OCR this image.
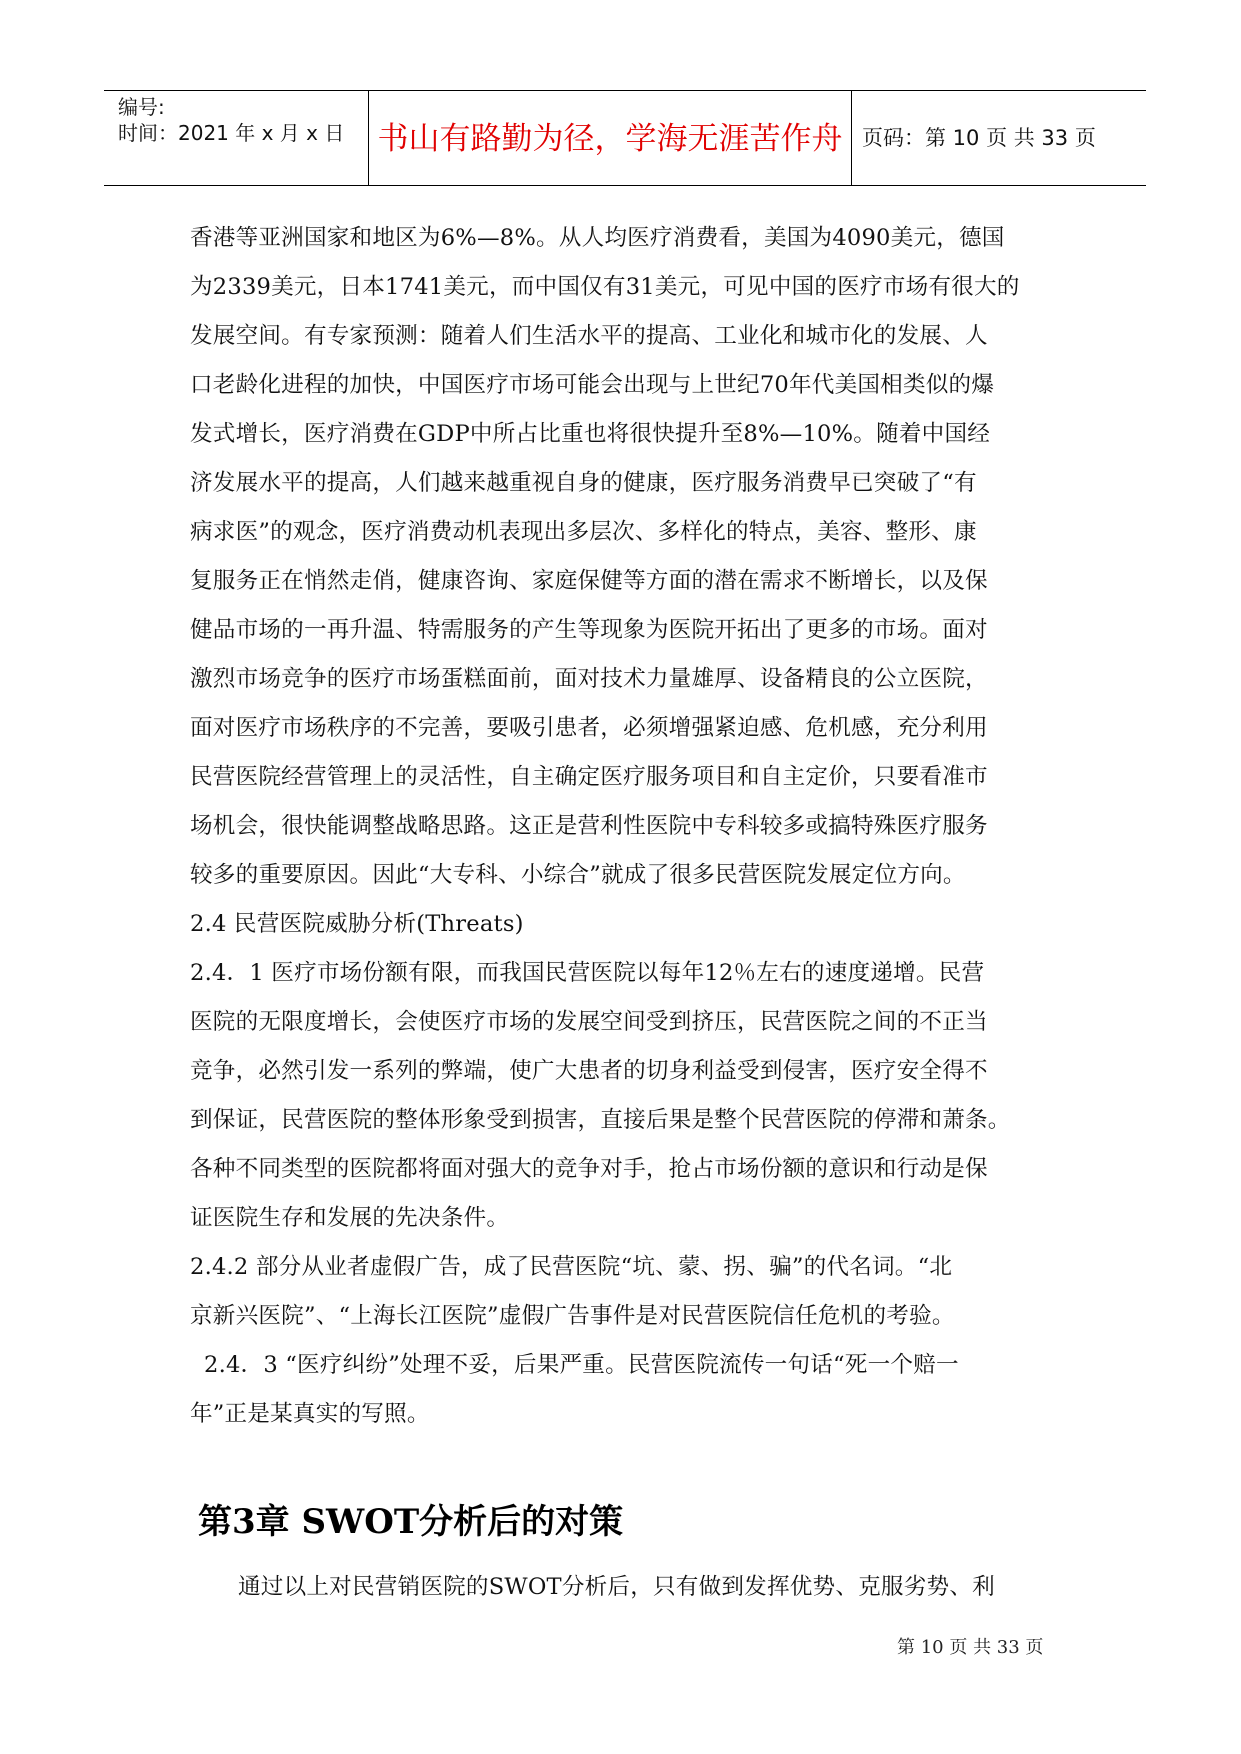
编号:
时间：2021 年 x 月 x 日 书山有路勤为径，学海无涯苦作舟 页码：第 10 页 共 33 页
香港等亚洲国家和地区为6%—8%。从人均医疗消费看，美国为4090美元，德国
为2339美元，日本1741美元，而中国仅有31美元，可见中国的医疗市场有很大的
发展空间。有专家预测：随着人们生活水平的提高、工业化和城市化的发展、人
口老龄化进程的加快，中国医疗市场可能会出现与上世纪70年代美国相类似的爆
发式增长，医疗消费在GDP中所占比重也将很快提升至8%—10%。随着中国经
济发展水平的提高，人们越来越重视自身的健康，医疗服务消费早已突破了“有
病求医”的观念，医疗消费动机表现出多层次、多样化的特点，美容、整形、康
复服务正在悄然走俏，健康咨询、家庭保健等方面的潜在需求不断增长，以及保
健品市场的一再升温、特需服务的产生等现象为医院开拓出了更多的市场。面对
激烈市场竞争的医疗市场蛋糕面前，面对技术力量雄厚、设备精良的公立医院，
面对医疗市场秩序的不完善，要吸引患者，必须增强紧迫感、危机感，充分利用
民营医院经营管理上的灵活性，自主确定医疗服务项目和自主定价，只要看准市
场机会，很快能调整战略思路。这正是营利性医院中专科较多或搞特殊医疗服务
较多的重要原因。因此“大专科、小综合”就成了很多民营医院发展定位方向。
2.4 民营医院威胁分析(Threats)
2.4．1 医疗市场份额有限，而我国民营医院以每年12％左右的速度递增。民营
医院的无限度增长，会使医疗市场的发展空间受到挤压，民营医院之间的不正当
竞争，必然引发一系列的弊端，使广大患者的切身利益受到侵害，医疗安全得不
到保证，民营医院的整体形象受到损害，直接后果是整个民营医院的停滞和萧条。
各种不同类型的医院都将面对强大的竞争对手，抢占市场份额的意识和行动是保
证医院生存和发展的先决条件。
2.4.2 部分从业者虚假广告，成了民营医院“坑、蒙、拐、骗”的代名词。“北
京新兴医院”、“上海长江医院”虚假广告事件是对民营医院信任危机的考验。
2.4．3 “医疗纠纷”处理不妥，后果严重。民营医院流传一句话“死一个赔一
年”正是某真实的写照。
第3章 SWOT分析后的对策
通过以上对民营销医院的SWOT分析后，只有做到发挥优势、克服劣势、利
第 10 页 共 33 页
